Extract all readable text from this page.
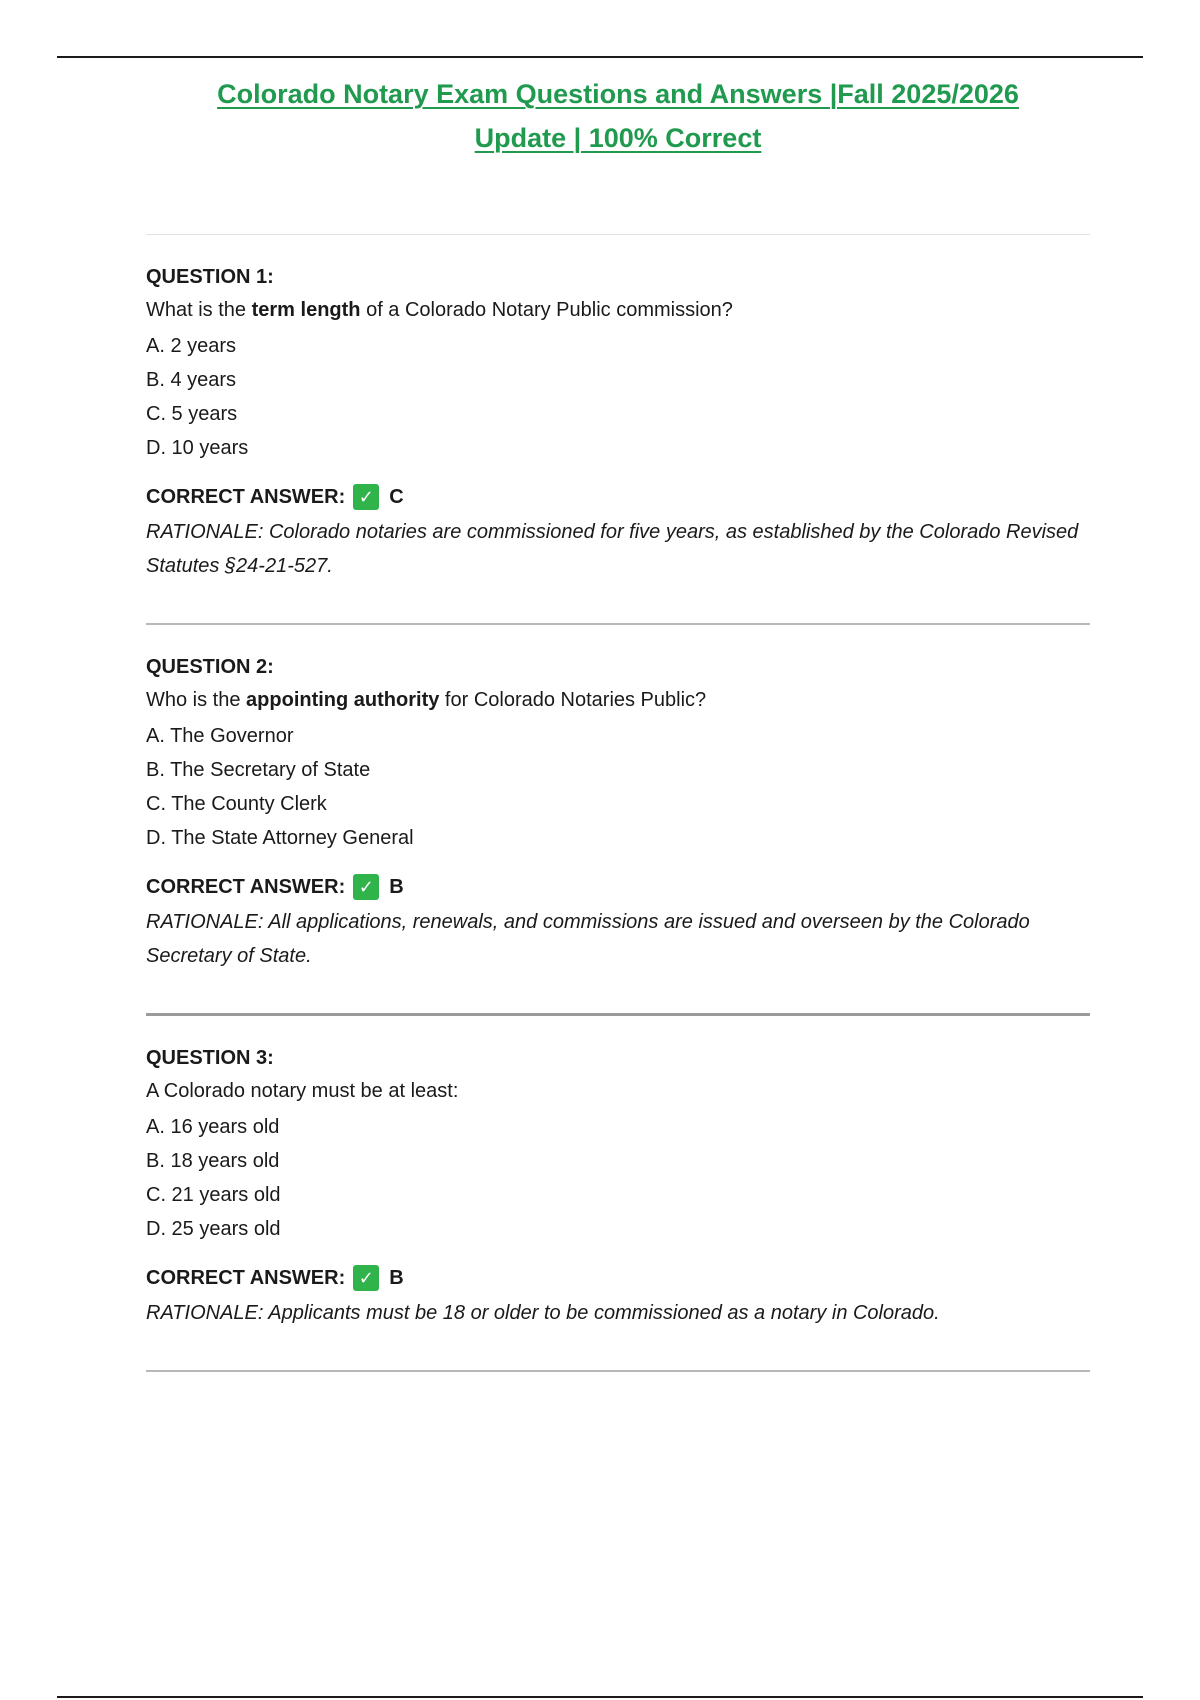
Colorado Notary Exam Questions and Answers |Fall 2025/2026
Update | 100% Correct

QUESTION 1:

What is the term length of a Colorado Notary Public commission?

A. 2 years
B. 4 years
C. 5 years
D. 10 years
CORRECT ANSWER: ✓ C

RATIONALE: Colorado notaries are commissioned for five years, as established by the Colorado Revised Statutes §24-21-527.

QUESTION 2:

Who is the appointing authority for Colorado Notaries Public?

A. The Governor
B. The Secretary of State
C. The County Clerk
D. The State Attorney General
CORRECT ANSWER: ✓ B

RATIONALE: All applications, renewals, and commissions are issued and overseen by the Colorado Secretary of State.

QUESTION 3:

A Colorado notary must be at least:

A. 16 years old
B. 18 years old
C. 21 years old
D. 25 years old
CORRECT ANSWER: ✓ B

RATIONALE: Applicants must be 18 or older to be commissioned as a notary in Colorado.
